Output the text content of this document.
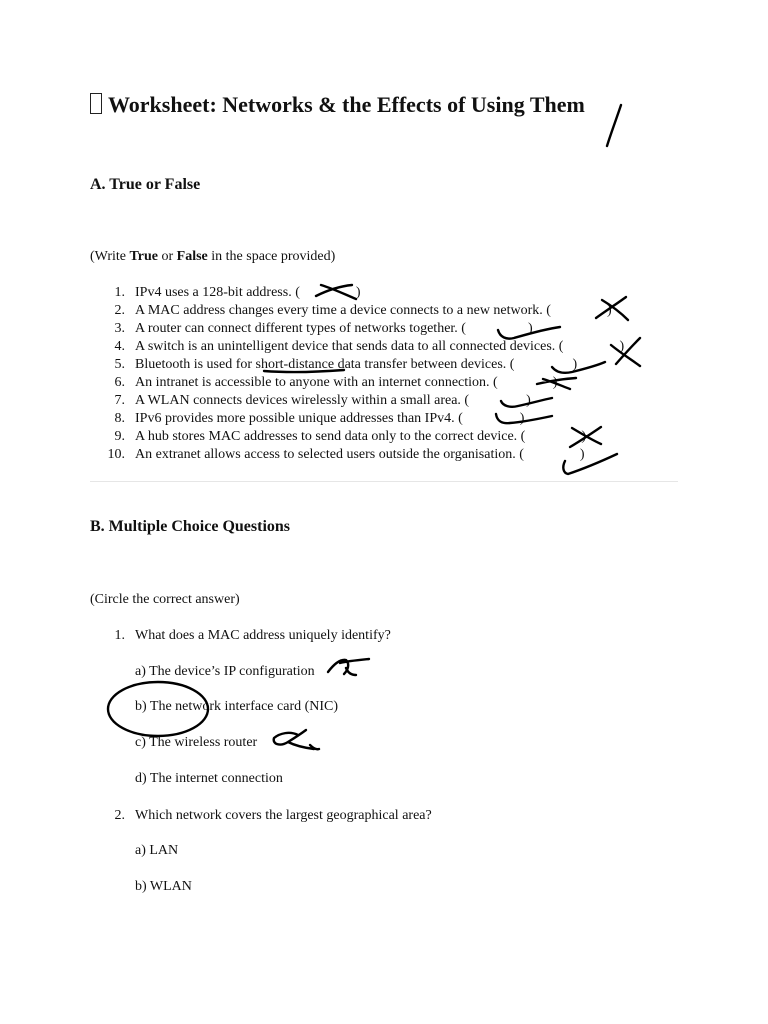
Worksheet: Networks & the Effects of Using Them
A. True or False

(Write True or False in the space provided)

1. IPv4 uses a 128-bit address. (	)
2. A MAC address changes every time a device connects to a new network. (	)
3. A router can connect different types of networks together. (	)
4. A switch is an unintelligent device that sends data to all connected devices. (	)
5. Bluetooth is used for short-distance data transfer between devices. (	)
6. An intranet is accessible to anyone with an internet connection. (	)
7. A WLAN connects devices wirelessly within a small area. (	)
8. IPv6 provides more possible unique addresses than IPv4. (	)
9. A hub stores MAC addresses to send data only to the correct device. (	)
10. An extranet allows access to selected users outside the organisation. (	)
B. Multiple Choice Questions

(Circle the correct answer)

1. What does a MAC address uniquely identify?

a) The device’s IP configuration

b) The network interface card (NIC)

c) The wireless router

d) The internet connection

2. Which network covers the largest geographical area?

a) LAN

b) WLAN
